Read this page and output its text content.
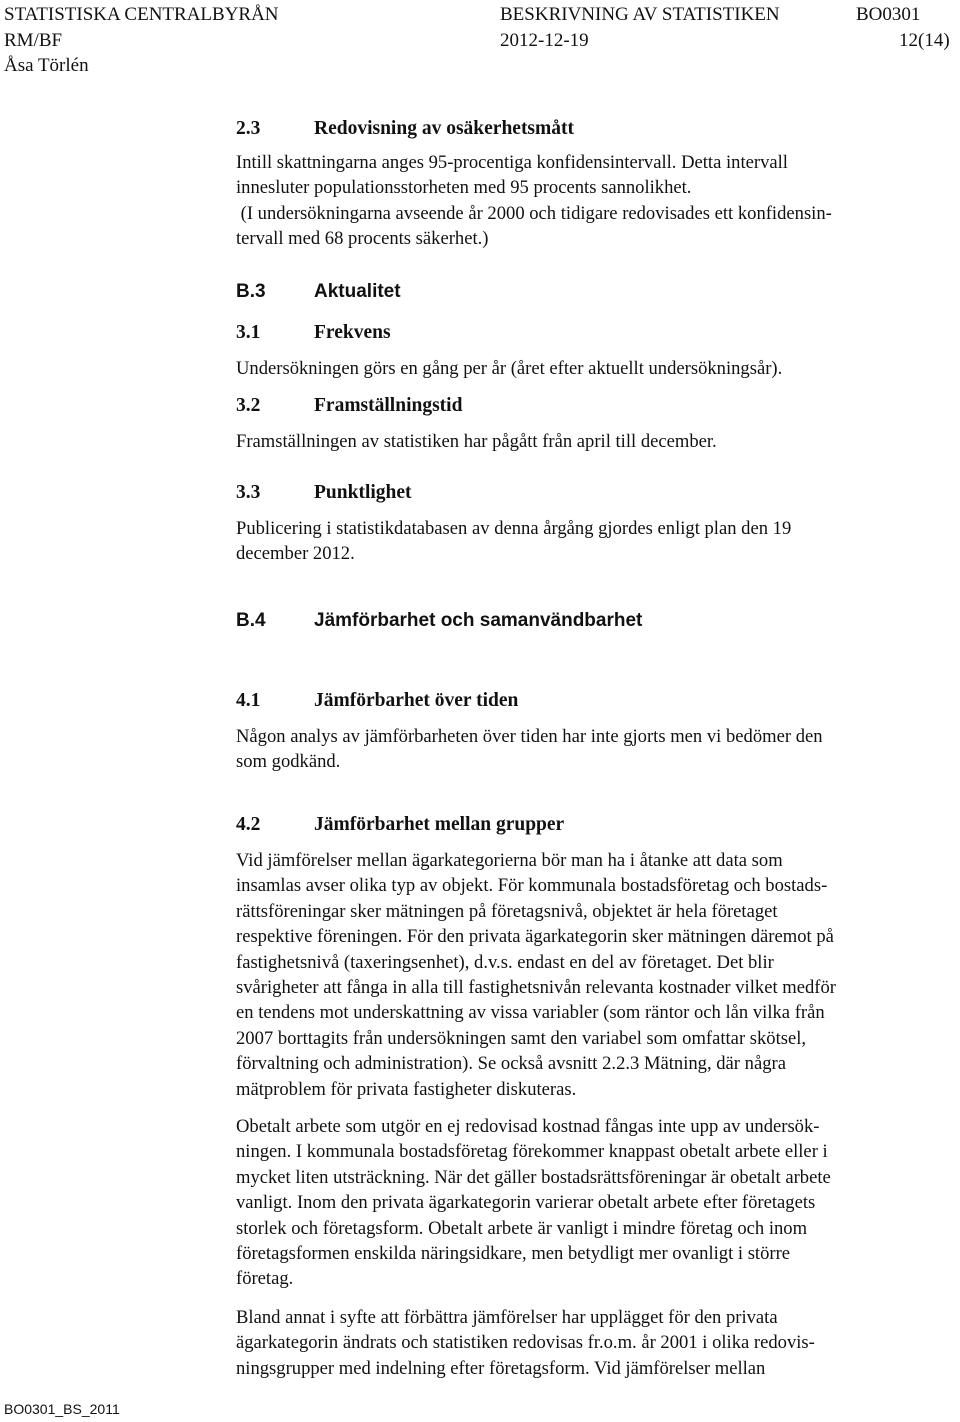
STATISTISKA CENTRALBYRÅN	BESKRIVNING AV STATISTIKEN	BO0301
RM/BF	2012-12-19	12(14)
Åsa Törlén
2.3	Redovisning av osäkerhetsmått
Intill skattningarna anges 95-procentiga konfidensintervall. Detta intervall
innesluter populationsstorheten med 95 procents sannolikhet.
(I undersökningarna avseende år 2000 och tidigare redovisades ett konfidensin-
tervall med 68 procents säkerhet.)
B.3	Aktualitet
3.1	Frekvens
Undersökningen görs en gång per år (året efter aktuellt undersökningsår).
3.2	Framställningstid
Framställningen av statistiken har pågått från april till december.
3.3	Punktlighet
Publicering i statistikdatabasen av denna årgång gjordes enligt plan den 19
december 2012.
B.4	Jämförbarhet och samanvändbarhet
4.1	Jämförbarhet över tiden
Någon analys av jämförbarheten över tiden har inte gjorts men vi bedömer den
som godkänd.
4.2	Jämförbarhet mellan grupper
Vid jämförelser mellan ägarkategorierna bör man ha i åtanke att data som
insamlas avser olika typ av objekt. För kommunala bostadsföretag och bostads-
rättsföreningar sker mätningen på företagsnivå, objektet är hela företaget
respektive föreningen. För den privata ägarkategorin sker mätningen däremot på
fastighetsnivå (taxeringsenhet), d.v.s. endast en del av företaget. Det blir
svårigheter att fånga in alla till fastighetsnivån relevanta kostnader vilket medför
en tendens mot underskattning av vissa variabler (som räntor och lån vilka från
2007 borttagits från undersökningen samt den variabel som omfattar skötsel,
förvaltning och administration). Se också avsnitt 2.2.3 Mätning, där några
mätproblem för privata fastigheter diskuteras.
Obetalt arbete som utgör en ej redovisad kostnad fångas inte upp av undersök-
ningen. I kommunala bostadsföretag förekommer knappast obetalt arbete eller i
mycket liten utsträckning. När det gäller bostadsrättsföreningar är obetalt arbete
vanligt. Inom den privata ägarkategorin varierar obetalt arbete efter företagets
storlek och företagsform. Obetalt arbete är vanligt i mindre företag och inom
företagsformen enskilda näringsidkare, men betydligt mer ovanligt i större
företag.
Bland annat i syfte att förbättra jämförelser har upplägget för den privata
ägarkategorin ändrats och statistiken redovisas fr.o.m. år 2001 i olika redovis-
ningsgrupper med indelning efter företagsform. Vid jämförelser mellan
BO0301_BS_2011
